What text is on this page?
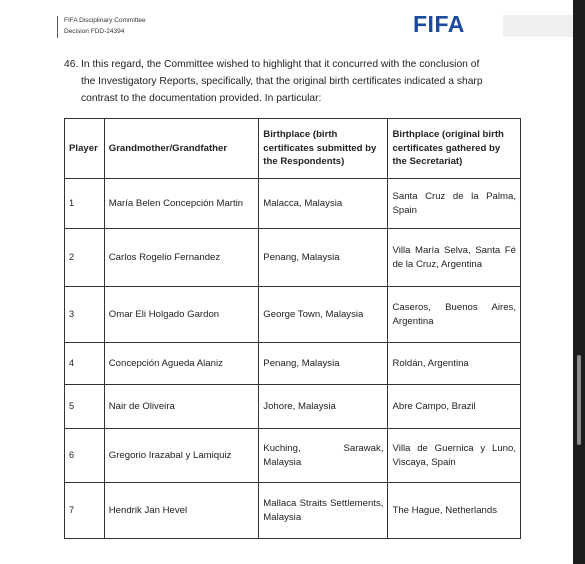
FIFA Disciplinary Committee
Decision FDD-24394	FIFA
46. In this regard, the Committee wished to highlight that it concurred with the conclusion of
the Investigatory Reports, specifically, that the original birth certificates indicated a sharp
contrast to the documentation provided. In particular:
Player	Grandmother/Grandfather	Birthplace (birth certificates submitted by the Respondents)	Birthplace (original birth certificates gathered by the Secretariat)
1	María Belen Concepción Martin	Malacca, Malaysia	Santa Cruz de la Palma, Spain
2	Carlos Rogelio Fernandez	Penang, Malaysia	Villa María Selva, Santa Fé de la Cruz, Argentina
3	Omar Eli Holgado Gardon	George Town, Malaysia	Caseros, Buenos Aires, Argentina
4	Concepción Agueda Alaniz	Penang, Malaysia	Roldán, Argentina
5	Nair de Oliveira	Johore, Malaysia	Abre Campo, Brazil
6	Gregorio Irazabal y Lamiquiz	Kuching, Sarawak, Malaysia	Villa de Guernica y Luno, Viscaya, Spain
7	Hendrik Jan Hevel	Mallaca Straits Settlements, Malaysia	The Hague, Netherlands
